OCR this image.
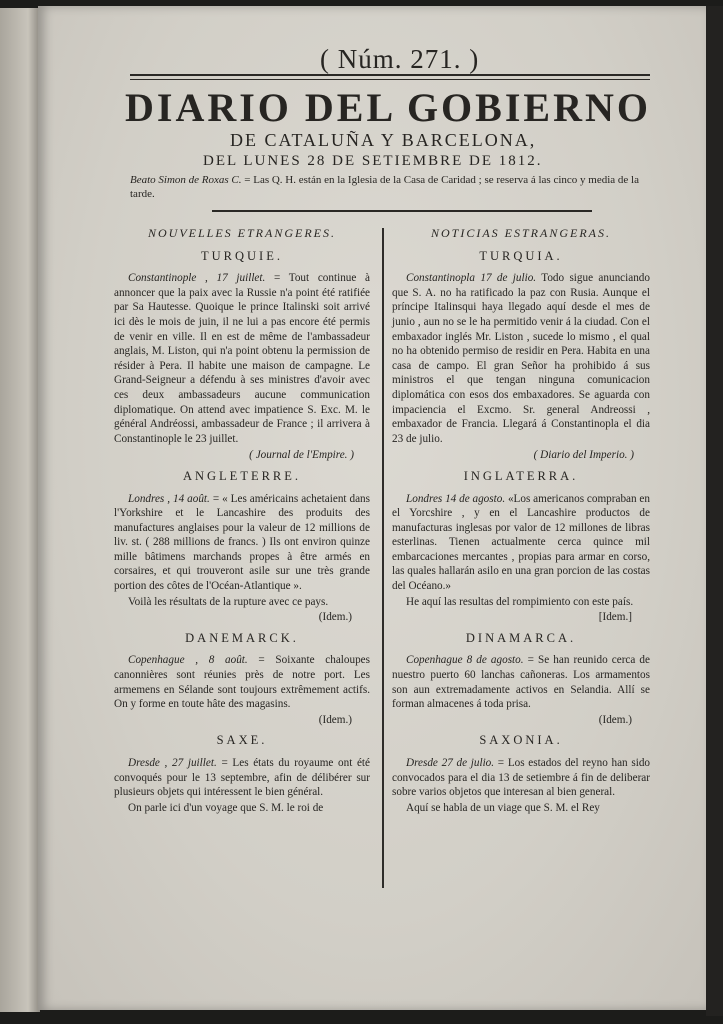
( Núm. 271. )
DIARIO DEL GOBIERNO
DE CATALUÑA Y BARCELONA,
DEL LUNES 28 DE SETIEMBRE DE 1812.
Beato Simon de Roxas C. = Las Q. H. están en la Iglesia de la Casa de Caridad ; se reserva á las cinco y media de la tarde.
NOUVELLES ETRANGERES.
TURQUIE.

Constantinople , 17 juillet. = Tout continue à annoncer que la paix avec la Russie n'a point été ratifiée par Sa Hautesse. Quoique le prince Italinski soit arrivé ici dès le mois de juin, il ne lui a pas encore été permis de venir en ville. Il en est de même de l'ambassadeur anglais, M. Liston, qui n'a point obtenu la permission de résider à Pera. Il habite une maison de campagne. Le Grand-Seigneur a défendu à ses ministres d'avoir avec ces deux ambassadeurs aucune communication diplomatique. On attend avec impatience S. Exc. M. le général Andréossi, ambassadeur de France ; il arrivera à Constantinople le 23 juillet.

( Journal de l'Empire. )
ANGLETERRE.

Londres , 14 août. = « Les américains achetaient dans l'Yorkshire et le Lancashire des produits des manufactures anglaises pour la valeur de 12 millions de liv. st. ( 288 millions de francs. ) Ils ont environ quinze mille bâtimens marchands propes à être armés en corsaires, et qui trouveront asile sur une très grande portion des côtes de l'Océan-Atlantique ».

Voilà les résultats de la rupture avec ce pays.

(Idem.)
DANEMARCK.

Copenhague , 8 août. = Soixante chaloupes canonnières sont réunies près de notre port. Les armemens en Sélande sont toujours extrêmement actifs. On y forme en toute hâte des magasins.

(Idem.)
SAXE.

Dresde , 27 juillet. = Les états du royaume ont été convoqués pour le 13 septembre, afin de délibérer sur plusieurs objets qui intéressent le bien général.

On parle ici d'un voyage que S. M. le roi de

NOTICIAS ESTRANGERAS.
TURQUIA.

Constantinopla 17 de julio. Todo sigue anunciando que S. A. no ha ratificado la paz con Rusia. Aunque el príncipe Italinsqui haya llegado aquí desde el mes de junio , aun no se le ha permitido venir á la ciudad. Con el embaxador inglés Mr. Liston , sucede lo mismo , el qual no ha obtenido permiso de residir en Pera. Habita en una casa de campo. El gran Señor ha prohibido á sus ministros el que tengan ninguna comunicacion diplomática con esos dos embaxadores. Se aguarda con impaciencia el Excmo. Sr. general Andreossi , embaxador de Francia. Llegará á Constantinopla el dia 23 de julio.

( Diario del Imperio. )
INGLATERRA.

Londres 14 de agosto. «Los americanos compraban en el Yorcshire , y en el Lancashire productos de manufacturas inglesas por valor de 12 millones de libras esterlinas. Tienen actualmente cerca quince mil embarcaciones mercantes , propias para armar en corso, las quales hallarán asilo en una gran porcion de las costas del Océano.»

He aquí las resultas del rompimiento con este país.

[Idem.]
DINAMARCA.

Copenhague 8 de agosto. = Se han reunido cerca de nuestro puerto 60 lanchas cañoneras. Los armamentos son aun extremadamente activos en Selandia. Allí se forman almacenes á toda prisa.

(Idem.)
SAXONIA.

Dresde 27 de julio. = Los estados del reyno han sido convocados para el dia 13 de setiembre á fin de deliberar sobre varios objetos que interesan al bien general.

Aquí se habla de un viage que S. M. el Rey
